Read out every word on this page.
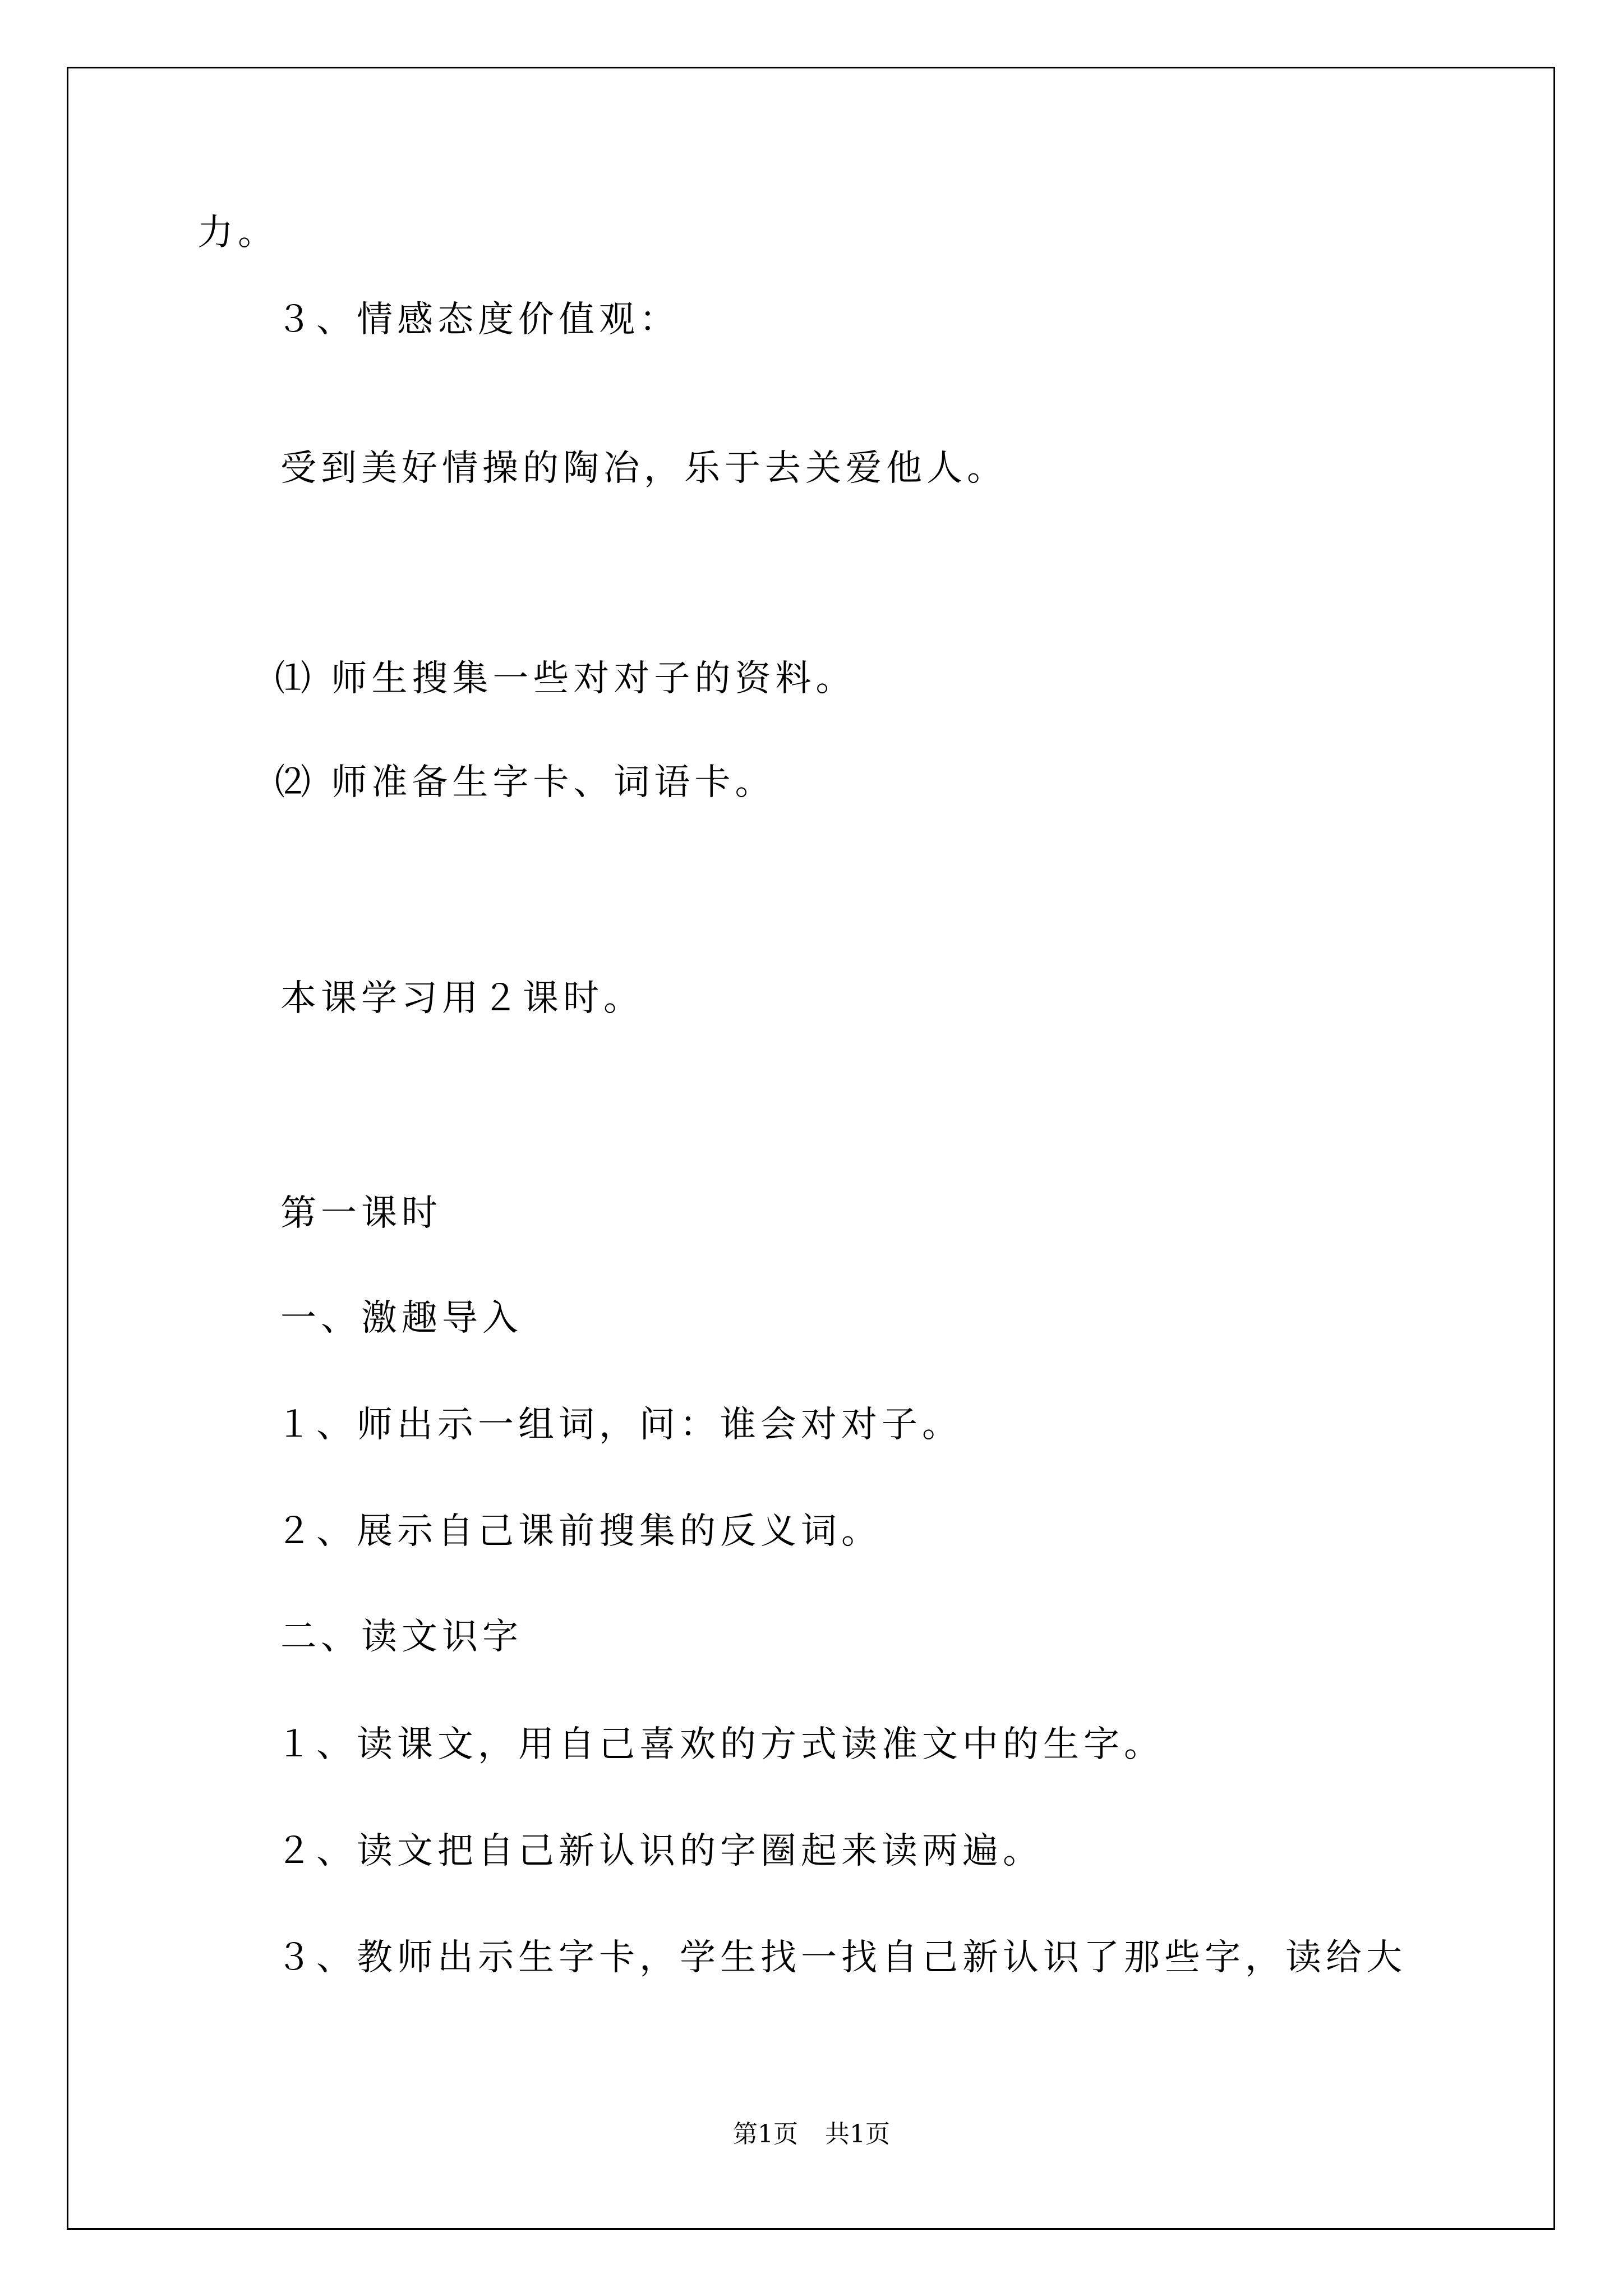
力。
３、情感态度价值观：
受到美好情操的陶冶，乐于去关爱他人。
⑴ 师生搜集一些对对子的资料。
⑵ 师准备生字卡、词语卡。
本课学习用２课时。
第一课时
一、激趣导入
１、师出示一组词，问：谁会对对子。
２、展示自己课前搜集的反义词。
二、读文识字
１、读课文，用自己喜欢的方式读准文中的生字。
２、读文把自己新认识的字圈起来读两遍。
３、教师出示生字卡，学生找一找自己新认识了那些字，读给大
第1页 共1页
